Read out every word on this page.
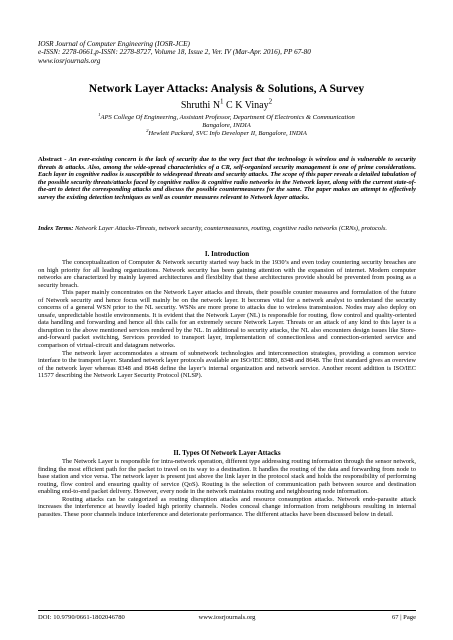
IOSR Journal of Computer Engineering (IOSR-JCE)
e-ISSN: 2278-0661,p-ISSN: 2278-8727, Volume 18, Issue 2, Ver. IV (Mar-Apr. 2016), PP 67-80
www.iosrjournals.org
Network Layer Attacks: Analysis & Solutions, A Survey
Shruthi $N^1$ C K Vinay$^2$
$^1$APS College Of Engineering, Assistant Professor, Department Of Electronics & Communication
Bangalore, INDIA
$^2$Hewlett Packard, SVC Info Developer II, Bangalore, INDIA
Abstract - An ever-existing concern is the lack of security due to the very fact that the technology is wireless and is vulnerable to security threats & attacks. Also, among the wide-spread characteristics of a CR, self-organized security management is one of prime considerations. Each layer in cognitive radios is susceptible to widespread threats and security attacks. The scope of this paper reveals a detailed tabulation of the possible security threats/attacks faced by cognitive radios & cognitive radio networks in the Network layer, along with the current state-of-the-art to detect the corresponding attacks and discuss the possible countermeasures for the same. The paper makes an attempt to effectively survey the existing detection techniques as well as counter measures relevant to Network layer attacks.
Index Terms: Network Layer Attacks-Threats, network security, countermeasures, routing, cognitive radio networks (CRNs), protocols.
I. Introduction

The conceptualization of Computer & Network security started way back in the 1930’s and even today countering security breaches are on high priority for all leading organizations. Network security has been gaining attention with the expansion of internet. Modern computer networks are characterized by mainly layered architectures and flexibility that these architectures provide should be prevented from posing as a security breach.

This paper mainly concentrates on the Network Layer attacks and threats, their possible counter measures and formulation of the future of Network security and hence focus will mainly be on the network layer. It becomes vital for a network analyst to understand the security concerns of a general WSN prior to the NL security. WSNs are more prone to attacks due to wireless transmission. Nodes may also deploy on unsafe, unpredictable hostile environments. It is evident that the Network Layer (NL) is responsible for routing, flow control and quality-oriented data handling and forwarding and hence all this calls for an extremely secure Network Layer. Threats or an attack of any kind to this layer is a disruption to the above mentioned services rendered by the NL. In additional to security attacks, the NL also encounters design issues like Store-and-forward packet switching, Services provided to transport layer, implementation of connectionless and connection-oriented service and comparison of virtual-circuit and datagram networks.

The network layer accommodates a stream of subnetwork technologies and interconnection strategies, providing a common service interface to the transport layer. Standard network layer protocols available are ISO/IEC 8880, 8348 and 8648. The first standard gives an overview of the network layer whereas 8348 and 8648 define the layer’s internal organization and network service. Another recent addition is ISO/IEC 11577 describing the Network Layer Security Protocol (NLSP).

II. Types Of Network Layer Attacks

The Network Layer is responsible for intra-network operation, different type addressing routing information through the sensor network, finding the most efficient path for the packet to travel on its way to a destination. It handles the routing of the data and forwarding from node to base station and vice versa. The network layer is present just above the link layer in the protocol stack and holds the responsibility of performing routing, flow control and ensuring quality of service (QoS). Routing is the selection of communication path between source and destination enabling end-to-end packet delivery. However, every node in the network maintains routing and neighbouring node information.

Routing attacks can be categorized as routing disruption attacks and resource consumption attacks. Network endo-parasite attack increases the interference at heavily loaded high priority channels. Nodes conceal change information from neighbours resulting in internal parasites. These poor channels induce interference and deteriorate performance. The different attacks have been discussed below in detail.

DOI: 10.9790/0661-1802046780	www.iosrjournals.org	67 | Page
